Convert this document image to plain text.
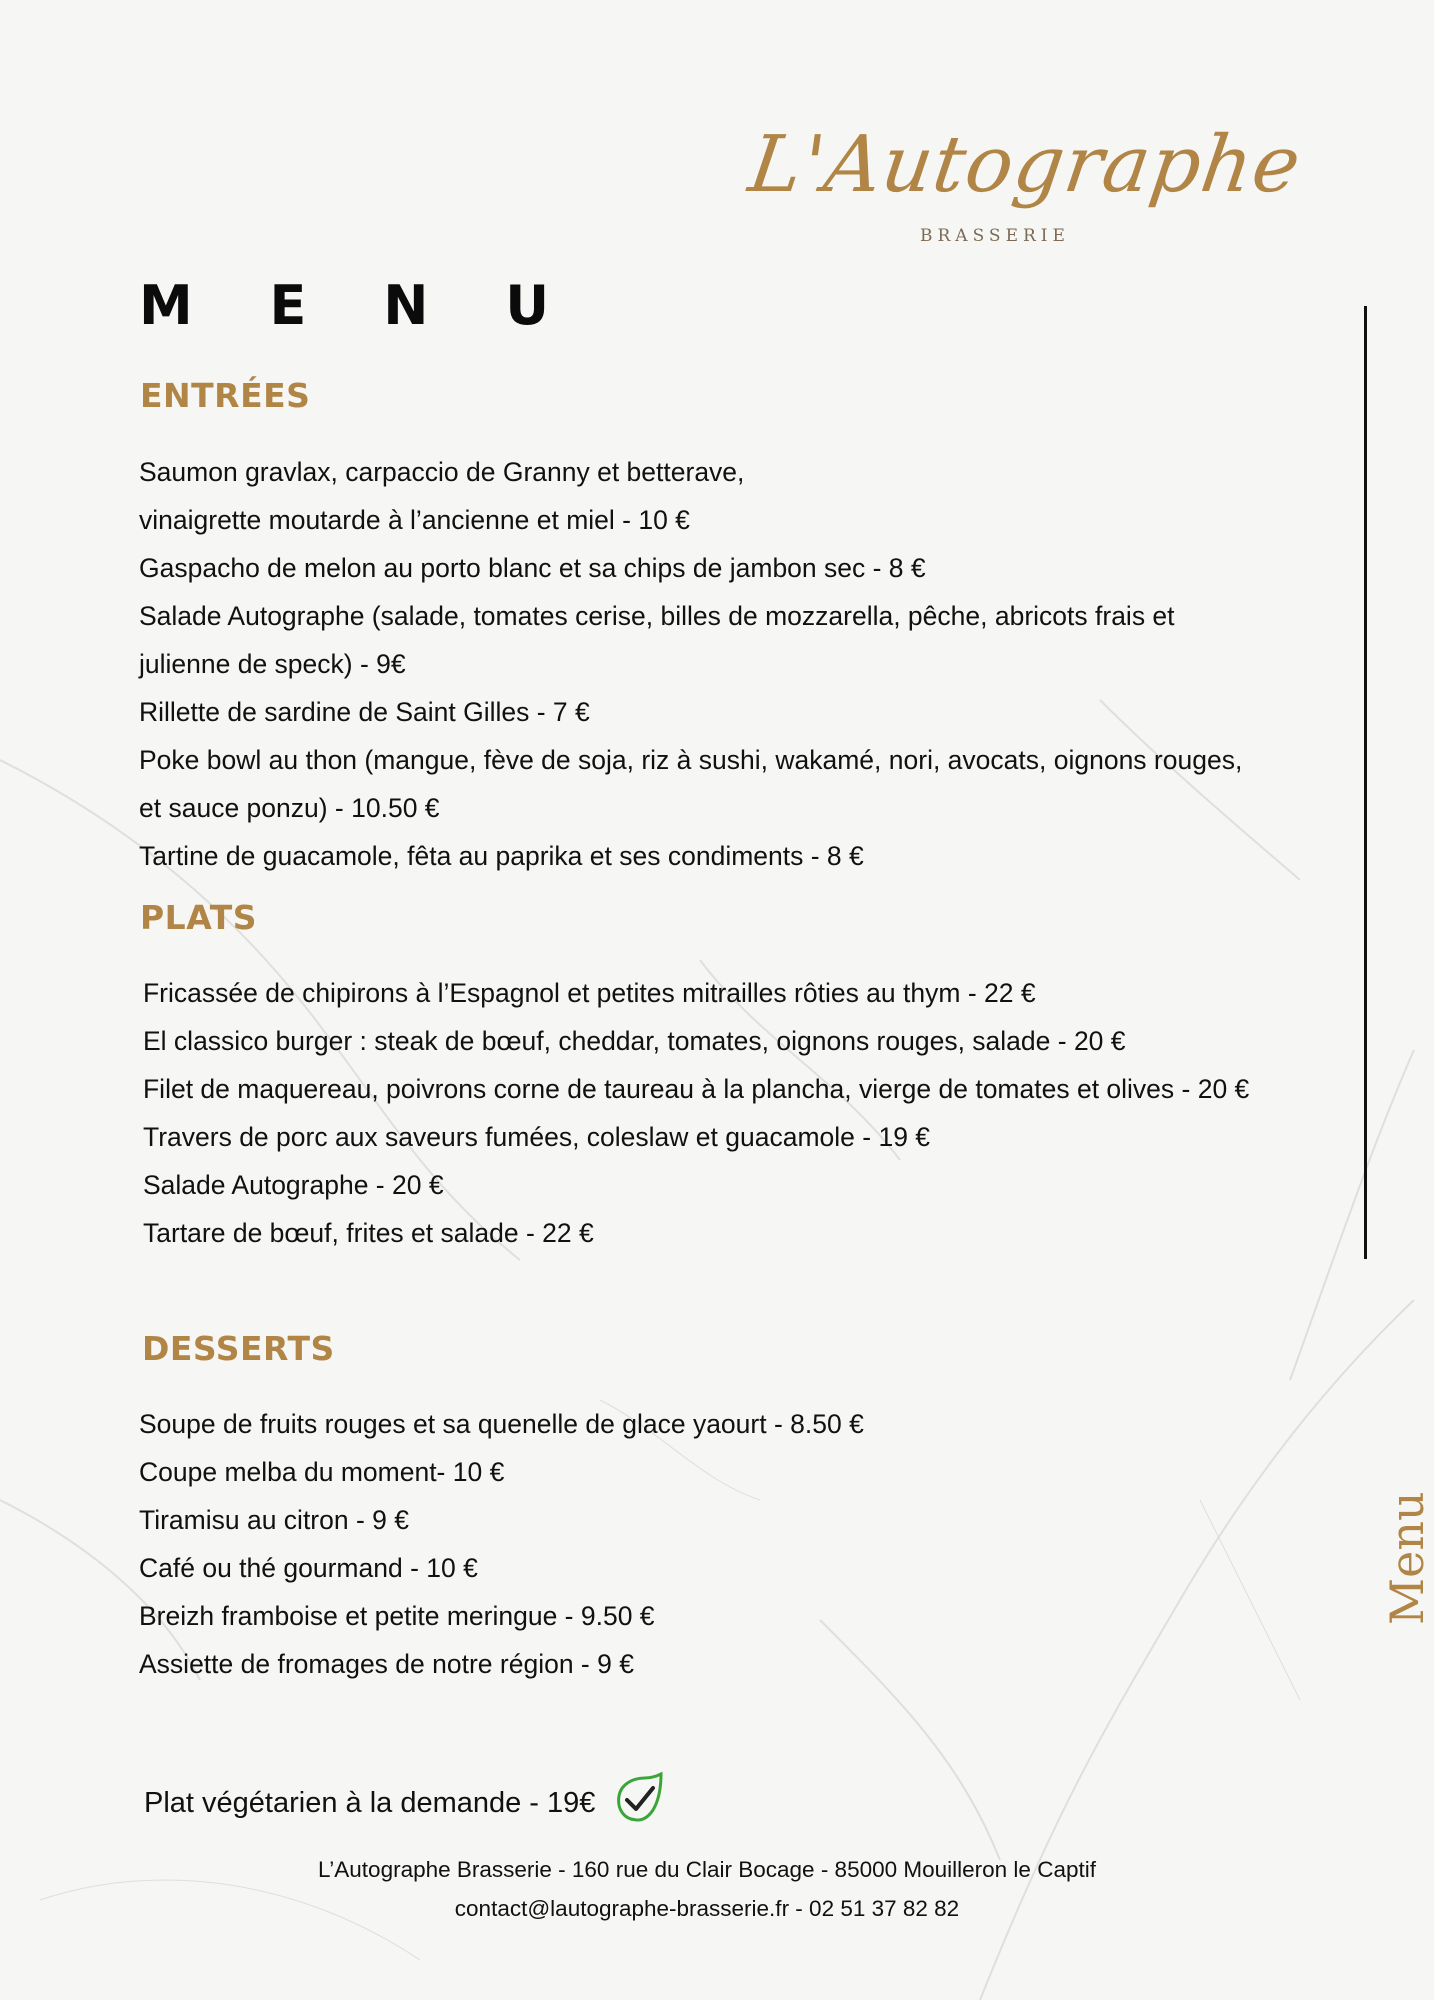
L'Autographe
BRASSERIE
M E N U
ENTRÉES
Saumon gravlax, carpaccio de Granny et betterave,
vinaigrette moutarde à l’ancienne et miel - 10 €
Gaspacho de melon au porto blanc et sa chips de jambon sec - 8 €
Salade Autographe (salade, tomates cerise, billes de mozzarella, pêche, abricots frais et
julienne de speck) - 9€
Rillette de sardine de Saint Gilles - 7 €
Poke bowl au thon (mangue, fève de soja, riz à sushi, wakamé, nori, avocats, oignons rouges,
et sauce ponzu) - 10.50 €
Tartine de guacamole, fêta au paprika et ses condiments - 8 €
PLATS
Fricassée de chipirons à l’Espagnol et petites mitrailles rôties au thym - 22 €
El classico burger : steak de bœuf, cheddar, tomates, oignons rouges, salade - 20 €
Filet de maquereau, poivrons corne de taureau à la plancha, vierge de tomates et olives - 20 €
Travers de porc aux saveurs fumées, coleslaw et guacamole - 19 €
Salade Autographe - 20 €
Tartare de bœuf, frites et salade - 22 €
DESSERTS
Soupe de fruits rouges et sa quenelle de glace yaourt - 8.50 €
Coupe melba du moment- 10 €
Tiramisu au citron - 9 €
Café ou thé gourmand - 10 €
Breizh framboise et petite meringue - 9.50 €
Assiette de fromages de notre région - 9 €
Menu
Plat végétarien à la demande - 19€
L’Autographe Brasserie - 160 rue du Clair Bocage - 85000 Mouilleron le Captif
contact@lautographe-brasserie.fr - 02 51 37 82 82
